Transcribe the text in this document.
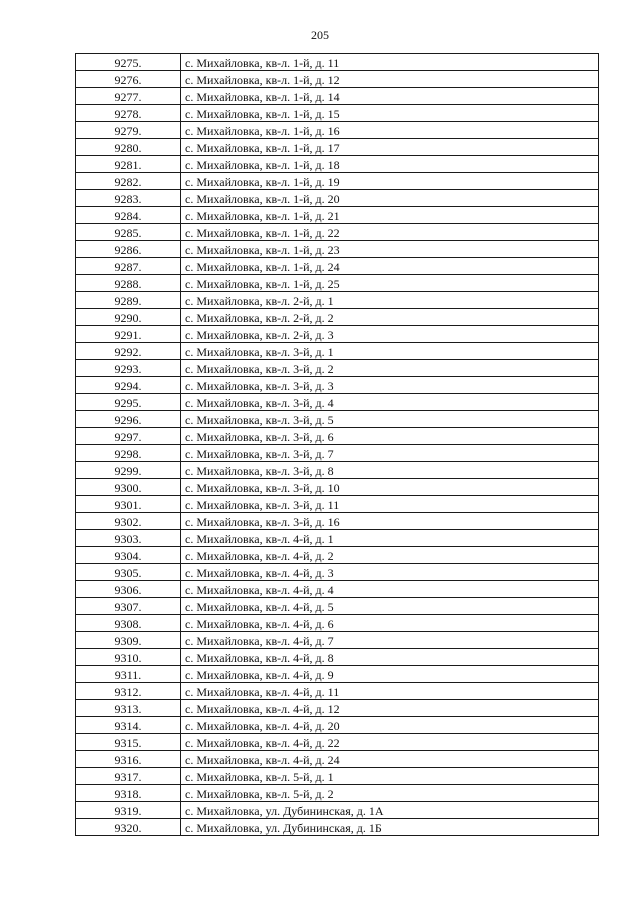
205
9275.	с. Михайловка, кв-л. 1-й, д. 11
9276.	с. Михайловка, кв-л. 1-й, д. 12
9277.	с. Михайловка, кв-л. 1-й, д. 14
9278.	с. Михайловка, кв-л. 1-й, д. 15
9279.	с. Михайловка, кв-л. 1-й, д. 16
9280.	с. Михайловка, кв-л. 1-й, д. 17
9281.	с. Михайловка, кв-л. 1-й, д. 18
9282.	с. Михайловка, кв-л. 1-й, д. 19
9283.	с. Михайловка, кв-л. 1-й, д. 20
9284.	с. Михайловка, кв-л. 1-й, д. 21
9285.	с. Михайловка, кв-л. 1-й, д. 22
9286.	с. Михайловка, кв-л. 1-й, д. 23
9287.	с. Михайловка, кв-л. 1-й, д. 24
9288.	с. Михайловка, кв-л. 1-й, д. 25
9289.	с. Михайловка, кв-л. 2-й, д. 1
9290.	с. Михайловка, кв-л. 2-й, д. 2
9291.	с. Михайловка, кв-л. 2-й, д. 3
9292.	с. Михайловка, кв-л. 3-й, д. 1
9293.	с. Михайловка, кв-л. 3-й, д. 2
9294.	с. Михайловка, кв-л. 3-й, д. 3
9295.	с. Михайловка, кв-л. 3-й, д. 4
9296.	с. Михайловка, кв-л. 3-й, д. 5
9297.	с. Михайловка, кв-л. 3-й, д. 6
9298.	с. Михайловка, кв-л. 3-й, д. 7
9299.	с. Михайловка, кв-л. 3-й, д. 8
9300.	с. Михайловка, кв-л. 3-й, д. 10
9301.	с. Михайловка, кв-л. 3-й, д. 11
9302.	с. Михайловка, кв-л. 3-й, д. 16
9303.	с. Михайловка, кв-л. 4-й, д. 1
9304.	с. Михайловка, кв-л. 4-й, д. 2
9305.	с. Михайловка, кв-л. 4-й, д. 3
9306.	с. Михайловка, кв-л. 4-й, д. 4
9307.	с. Михайловка, кв-л. 4-й, д. 5
9308.	с. Михайловка, кв-л. 4-й, д. 6
9309.	с. Михайловка, кв-л. 4-й, д. 7
9310.	с. Михайловка, кв-л. 4-й, д. 8
9311.	с. Михайловка, кв-л. 4-й, д. 9
9312.	с. Михайловка, кв-л. 4-й, д. 11
9313.	с. Михайловка, кв-л. 4-й, д. 12
9314.	с. Михайловка, кв-л. 4-й, д. 20
9315.	с. Михайловка, кв-л. 4-й, д. 22
9316.	с. Михайловка, кв-л. 4-й, д. 24
9317.	с. Михайловка, кв-л. 5-й, д. 1
9318.	с. Михайловка, кв-л. 5-й, д. 2
9319.	с. Михайловка, ул. Дубининская, д. 1А
9320.	с. Михайловка, ул. Дубининская, д. 1Б
